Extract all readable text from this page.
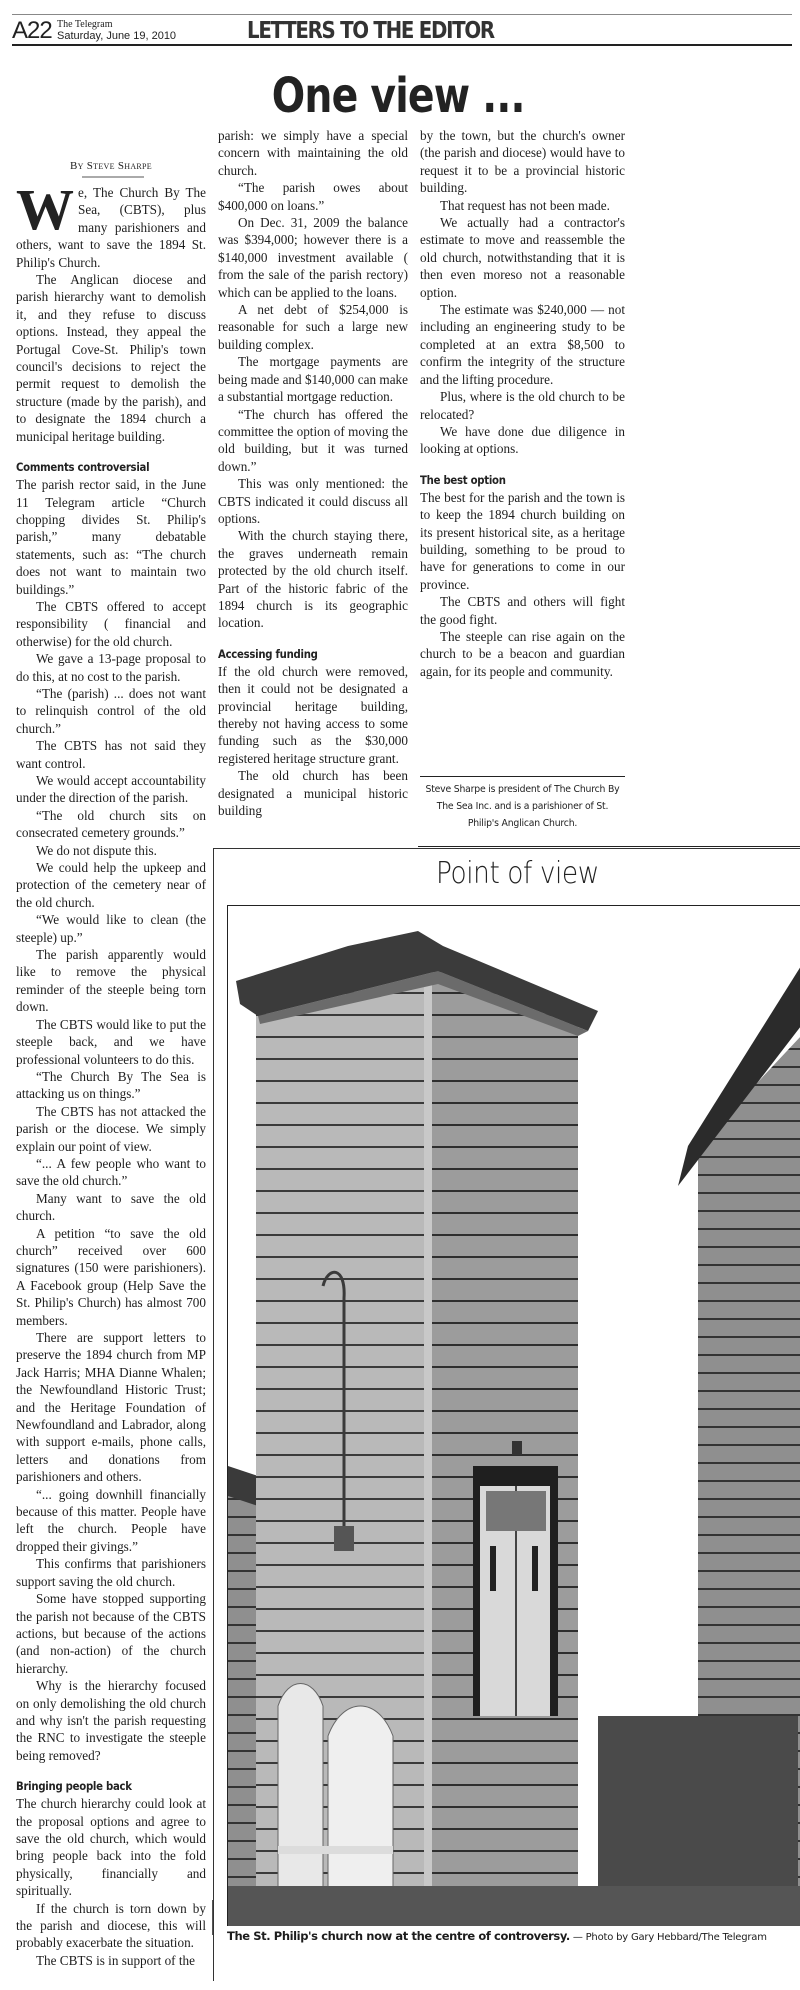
A22 The Telegram
Saturday, June 19, 2010	LETTERS TO THE EDITOR
One view ...
By Steve Sharpe

We, The Church By The Sea, (CBTS), plus many parishioners and others, want to save the 1894 St. Philip's Church.

The Anglican diocese and parish hierarchy want to demolish it, and they refuse to discuss options. Instead, they appeal the Portugal Cove-St. Philip's town council's decisions to reject the permit request to demolish the structure (made by the parish), and to designate the 1894 church a municipal heritage building.

Comments controversial

The parish rector said, in the June 11 Telegram article “Church chopping divides St. Philip's parish,” many debatable statements, such as: “The church does not want to maintain two buildings.”

The CBTS offered to accept responsibility ( financial and otherwise) for the old church.

We gave a 13-page proposal to do this, at no cost to the parish.

“The (parish) ... does not want to relinquish control of the old church.”

The CBTS has not said they want control.

We would accept accountability under the direction of the parish.

“The old church sits on consecrated cemetery grounds.”

We do not dispute this.

We could help the upkeep and protection of the cemetery near of the old church.

“We would like to clean (the steeple) up.”

The parish apparently would like to remove the physical reminder of the steeple being torn down.

The CBTS would like to put the steeple back, and we have professional volunteers to do this.

“The Church By The Sea is attacking us on things.”

The CBTS has not attacked the parish or the diocese. We simply explain our point of view.

“... A few people who want to save the old church.”

Many want to save the old church.

A petition “to save the old church” received over 600 signatures (150 were parishioners). A Facebook group (Help Save the St. Philip's Church) has almost 700 members.

There are support letters to preserve the 1894 church from MP Jack Harris; MHA Dianne Whalen; the Newfoundland Historic Trust; and the Heritage Foundation of Newfoundland and Labrador, along with support e-mails, phone calls, letters and donations from parishioners and others.

“... going downhill financially because of this matter. People have left the church. People have dropped their givings.”

This confirms that parishioners support saving the old church.

Some have stopped supporting the parish not because of the CBTS actions, but because of the actions (and non-action) of the church hierarchy.

Why is the hierarchy focused on only demolishing the old church and why isn't the parish requesting the RNC to investigate the steeple being removed?

Bringing people back

The church hierarchy could look at the proposal options and agree to save the old church, which would bring people back into the fold physically, financially and spiritually.

If the church is torn down by the parish and diocese, this will probably exacerbate the situation.

The CBTS is in support of the

parish: we simply have a special concern with maintaining the old church.

“The parish owes about $400,000 on loans.”

On Dec. 31, 2009 the balance was $394,000; however there is a $140,000 investment available ( from the sale of the parish rectory) which can be applied to the loans.

A net debt of $254,000 is reasonable for such a large new building complex.

The mortgage payments are being made and $140,000 can make a substantial mortgage reduction.

“The church has offered the committee the option of moving the old building, but it was turned down.”

This was only mentioned: the CBTS indicated it could discuss all options.

With the church staying there, the graves underneath remain protected by the old church itself. Part of the historic fabric of the 1894 church is its geographic location.

Accessing funding

If the old church were removed, then it could not be designated a provincial heritage building, thereby not having access to some funding such as the $30,000 registered heritage structure grant.

The old church has been designated a municipal historic building

by the town, but the church's owner (the parish and diocese) would have to request it to be a provincial historic building.

That request has not been made.

We actually had a contractor's estimate to move and reassemble the old church, notwithstanding that it is then even moreso not a reasonable option.

The estimate was $240,000 — not including an engineering study to be completed at an extra $8,500 to confirm the integrity of the structure and the lifting procedure.

Plus, where is the old church to be relocated?

We have done due diligence in looking at options.

The best option

The best for the parish and the town is to keep the 1894 church building on its present historical site, as a heritage building, something to be proud to have for generations to come in our province.

The CBTS and others will fight the good fight.

The steeple can rise again on the church to be a beacon and guardian again, for its people and community.

Steve Sharpe is president of The Church By The Sea Inc. and is a parishioner of St. Philip's Anglican Church.
Point of view
The St. Philip's church now at the centre of controversy. — Photo by Gary Hebbard/The Telegram
